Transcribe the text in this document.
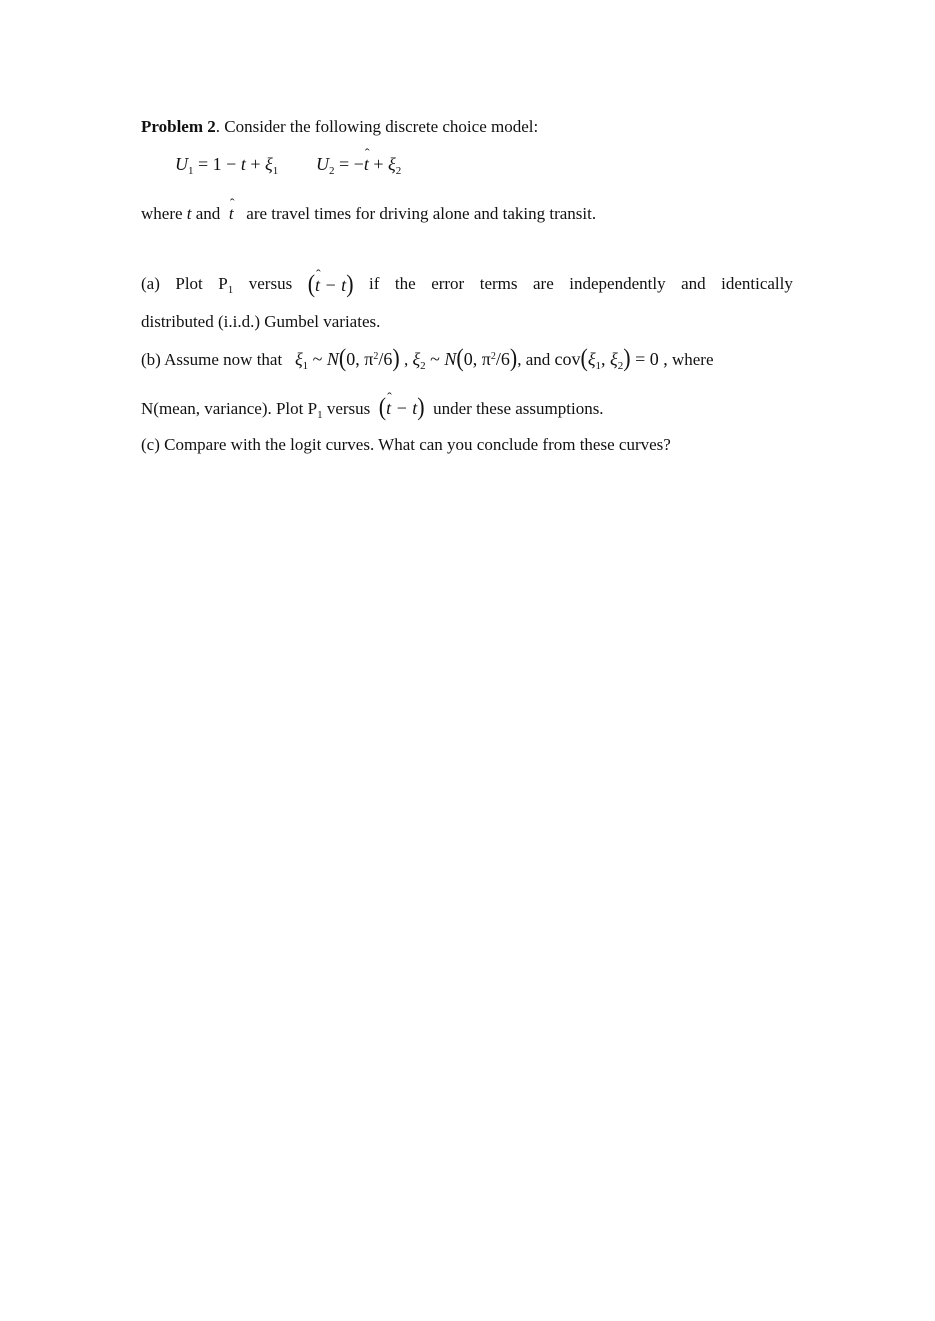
Problem 2. Consider the following discrete choice model:
$U_1 = 1 - t + \xi_1$ $U_2$ = −ˆ $t + \xi_2$
where t and  ˆ t   are travel times for driving alone and taking transit.
(a) Plot $P_1$ versus (ˆ t − t) if the error terms are independently and identically
distributed (i.i.d.) Gumbel variates.
(b) Assume now that $\xi_1$ ~ N(0, $\pi^2/6$) , $\xi_2$ ~ N(0, $\pi^2/6$), and $cov(\xi_1$, $\xi_2) = 0$ , where
N(mean, variance). Plot $P_1$ versus  (ˆ t − t)  under these assumptions.
(c) Compare with the logit curves. What can you conclude from these curves?
